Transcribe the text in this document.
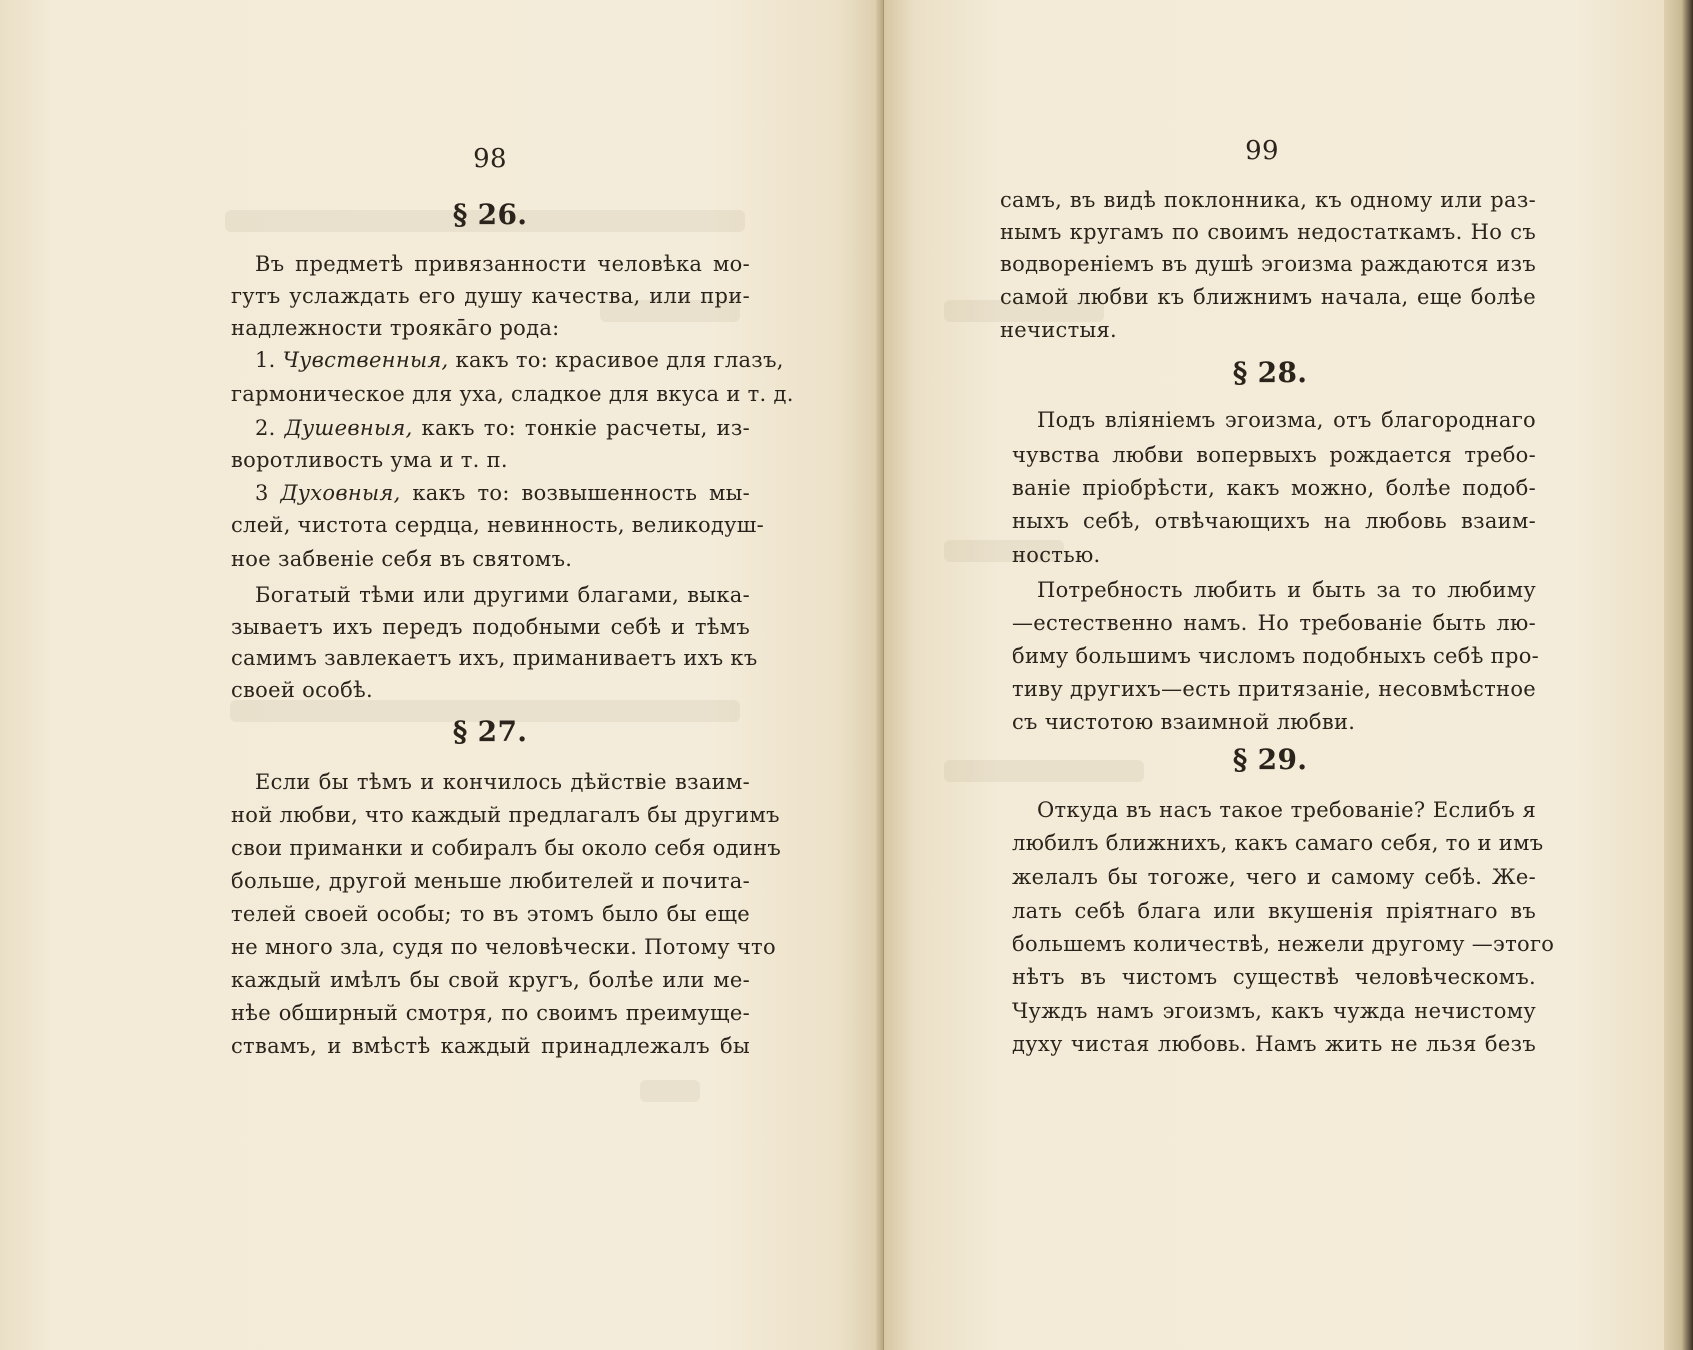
98
§ 26.
Въ предметѣ привязанности человѣка мо-
гутъ услаждать его душу качества, или при-
надлежности трояка̄го рода:
1. Чувственныя, какъ то: красивое для глазъ,
гармоническое для уха, сладкое для вкуса и т. д.
2. Душевныя, какъ то: тонкіе расчеты, из-
воротливость ума и т. п.
3 Духовныя, какъ то: возвышенность мы-
слей, чистота сердца, невинность, великодуш-
ное забвеніе себя въ святомъ.
Богатый тѣми или другими благами, выка-
зываетъ ихъ передъ подобными себѣ и тѣмъ
самимъ завлекаетъ ихъ, приманиваетъ ихъ къ
своей особѣ.
§ 27.
Если бы тѣмъ и кончилось дѣйствіе взаим-
ной любви, что каждый предлагалъ бы другимъ
свои приманки и собиралъ бы около себя одинъ
больше, другой меньше любителей и почита-
телей своей особы; то въ этомъ было бы еще
не много зла, судя по человѣчески. Потому что
каждый имѣлъ бы свой кругъ, болѣе или ме-
нѣе обширный смотря, по своимъ преимуще-
ствамъ, и вмѣстѣ каждый принадлежалъ бы
99
самъ, въ видѣ поклонника, къ одному или раз-
нымъ кругамъ по своимъ недостаткамъ. Но съ
водвореніемъ въ душѣ эгоизма раждаются изъ
самой любви къ ближнимъ начала, еще болѣе
нечистыя.
§ 28.
Подъ вліяніемъ эгоизма, отъ благороднаго
чувства любви вопервыхъ рождается требо-
ваніе пріобрѣсти, какъ можно, болѣе подоб-
ныхъ себѣ, отвѣчающихъ на любовь взаим-
ностью.
Потребность любить и быть за то любиму
—естественно намъ. Но требованіе быть лю-
биму большимъ числомъ подобныхъ себѣ про-
тиву другихъ—есть притязаніе, несовмѣстное
съ чистотою взаимной любви.
§ 29.
Откуда въ насъ такое требованіе? Еслибъ я
любилъ ближнихъ, какъ самаго себя, то и имъ
желалъ бы тогоже, чего и самому себѣ. Же-
лать себѣ блага или вкушенія пріятнаго въ
большемъ количествѣ, нежели другому —этого
нѣтъ въ чистомъ существѣ человѣческомъ.
Чуждъ намъ эгоизмъ, какъ чужда нечистому
духу чистая любовь. Намъ жить не льзя безъ
